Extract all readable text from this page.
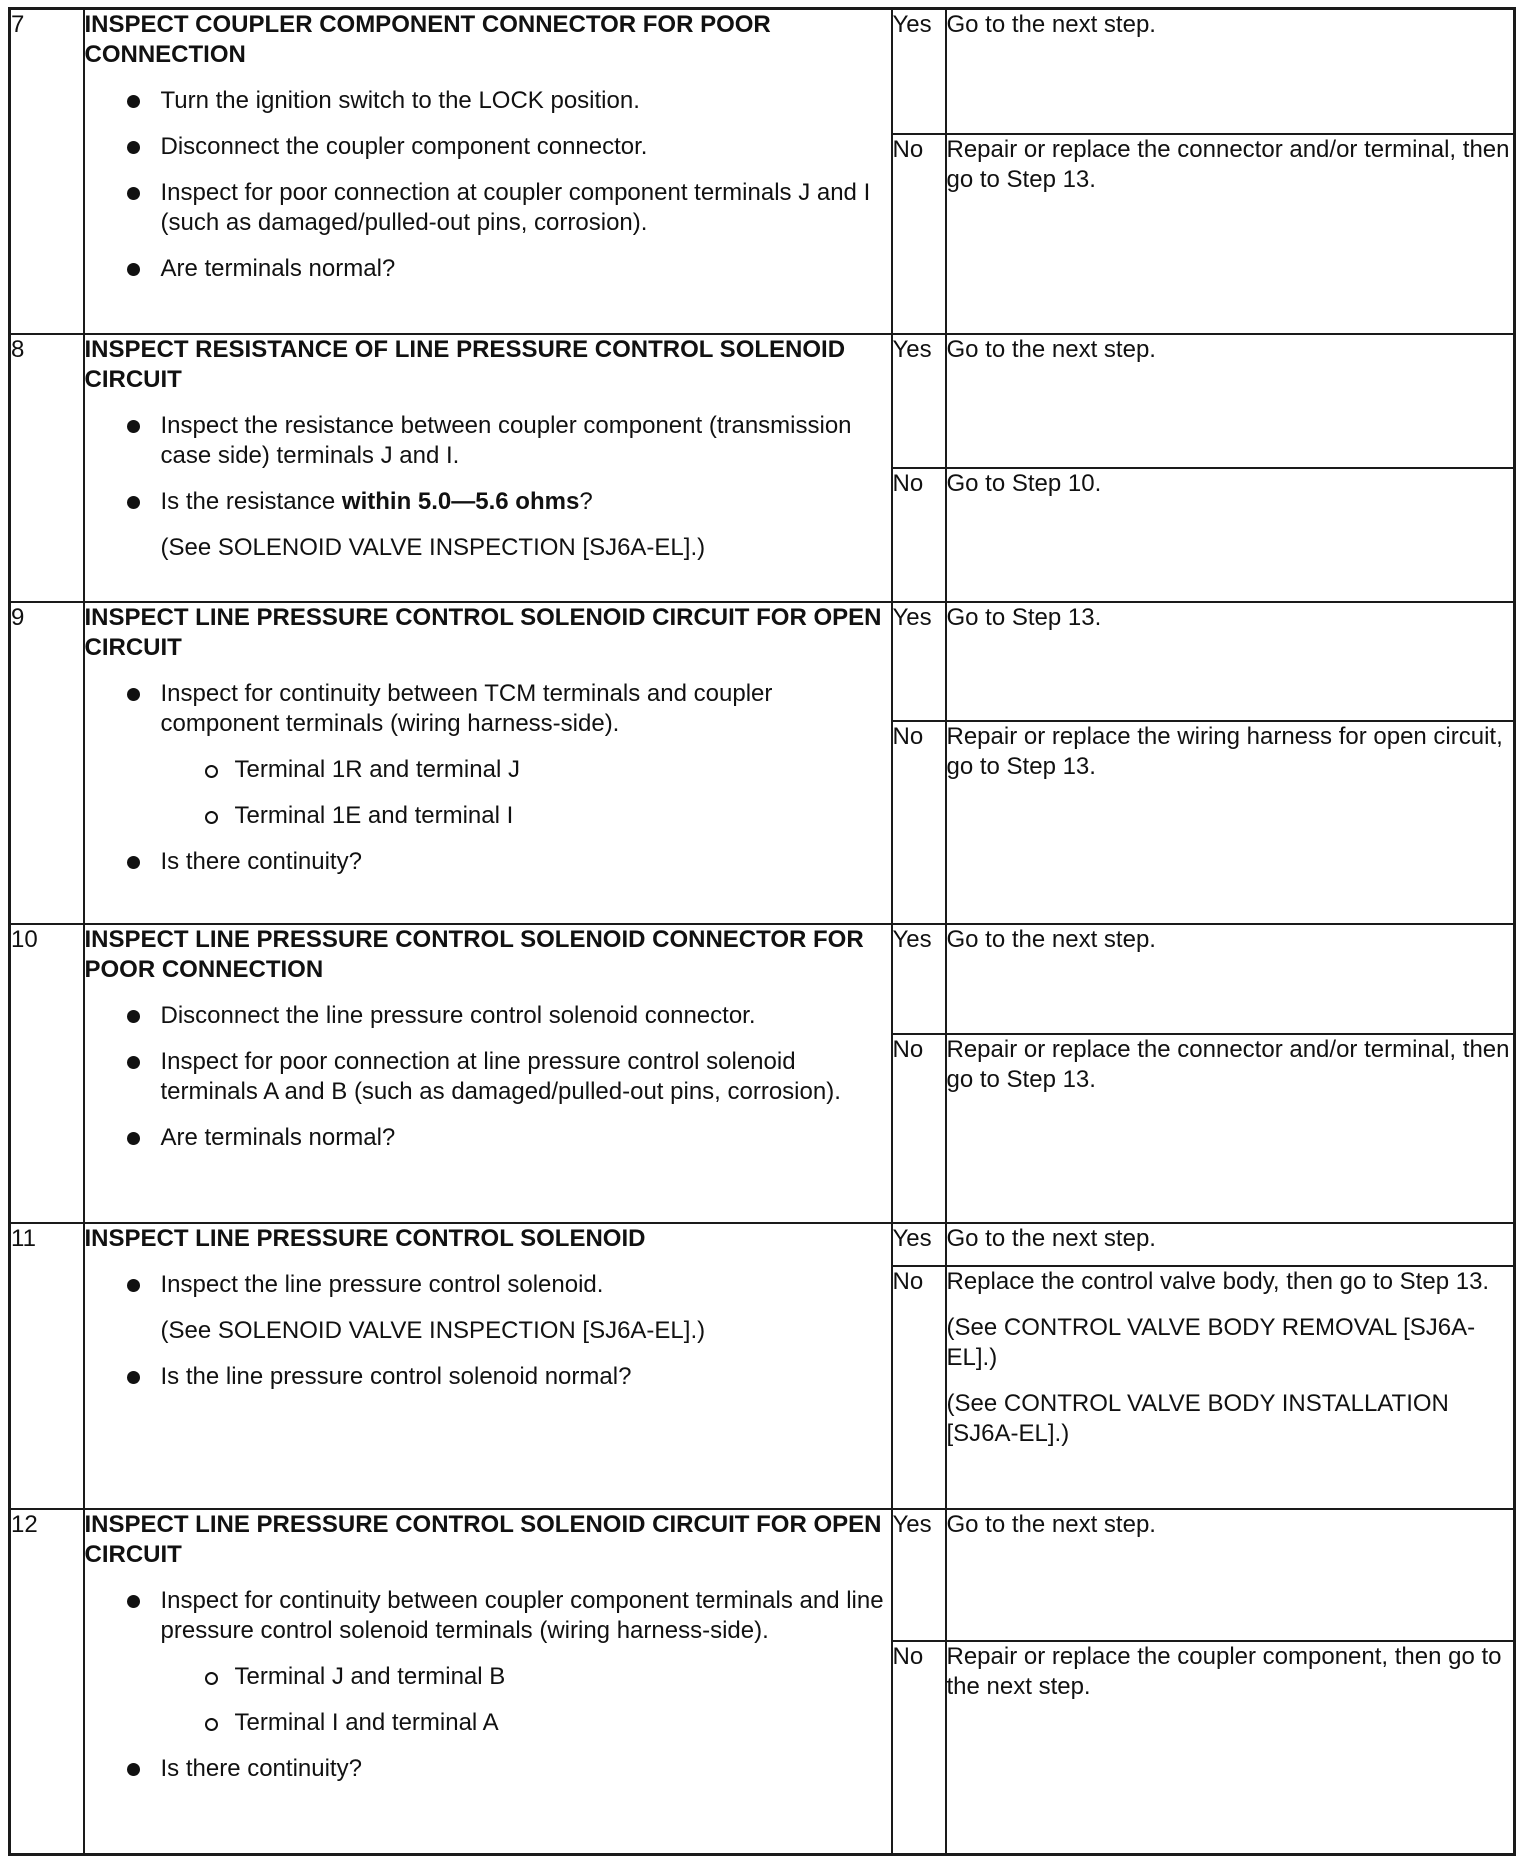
7	INSPECT COUPLER COMPONENT CONNECTOR FOR POOR CONNECTION
Turn the ignition switch to the LOCK position.
Disconnect the coupler component connector.
Inspect for poor connection at coupler component terminals J and I (such as damaged/pulled-out pins, corrosion).
Are terminals normal?	Yes	Go to the next step.
		No	Repair or replace the connector and/or terminal, then go to Step 13.
8	INSPECT RESISTANCE OF LINE PRESSURE CONTROL SOLENOID CIRCUIT
Inspect the resistance between coupler component (transmission case side) terminals J and I.
Is the resistance within 5.0—5.6 ohms?
(See SOLENOID VALVE INSPECTION [SJ6A-EL].)	Yes	Go to the next step.
		No	Go to Step 10.
9	INSPECT LINE PRESSURE CONTROL SOLENOID CIRCUIT FOR OPEN CIRCUIT
Inspect for continuity between TCM terminals and coupler component terminals (wiring harness-side).
Terminal 1R and terminal J
Terminal 1E and terminal I
Is there continuity?	Yes	Go to Step 13.
		No	Repair or replace the wiring harness for open circuit, go to Step 13.
10	INSPECT LINE PRESSURE CONTROL SOLENOID CONNECTOR FOR POOR CONNECTION
Disconnect the line pressure control solenoid connector.
Inspect for poor connection at line pressure control solenoid terminals A and B (such as damaged/pulled-out pins, corrosion).
Are terminals normal?	Yes	Go to the next step.
		No	Repair or replace the connector and/or terminal, then go to Step 13.
11	INSPECT LINE PRESSURE CONTROL SOLENOID
Inspect the line pressure control solenoid.
(See SOLENOID VALVE INSPECTION [SJ6A-EL].)
Is the line pressure control solenoid normal?	Yes	Go to the next step.
		No	Replace the control valve body, then go to Step 13.
(See CONTROL VALVE BODY REMOVAL [SJ6A-EL].)
(See CONTROL VALVE BODY INSTALLATION [SJ6A-EL].)

12	INSPECT LINE PRESSURE CONTROL SOLENOID CIRCUIT FOR OPEN CIRCUIT
Inspect for continuity between coupler component terminals and line pressure control solenoid terminals (wiring harness-side).
Terminal J and terminal B
Terminal I and terminal A
Is there continuity?	Yes	Go to the next step.
		No	Repair or replace the coupler component, then go to the next step.
